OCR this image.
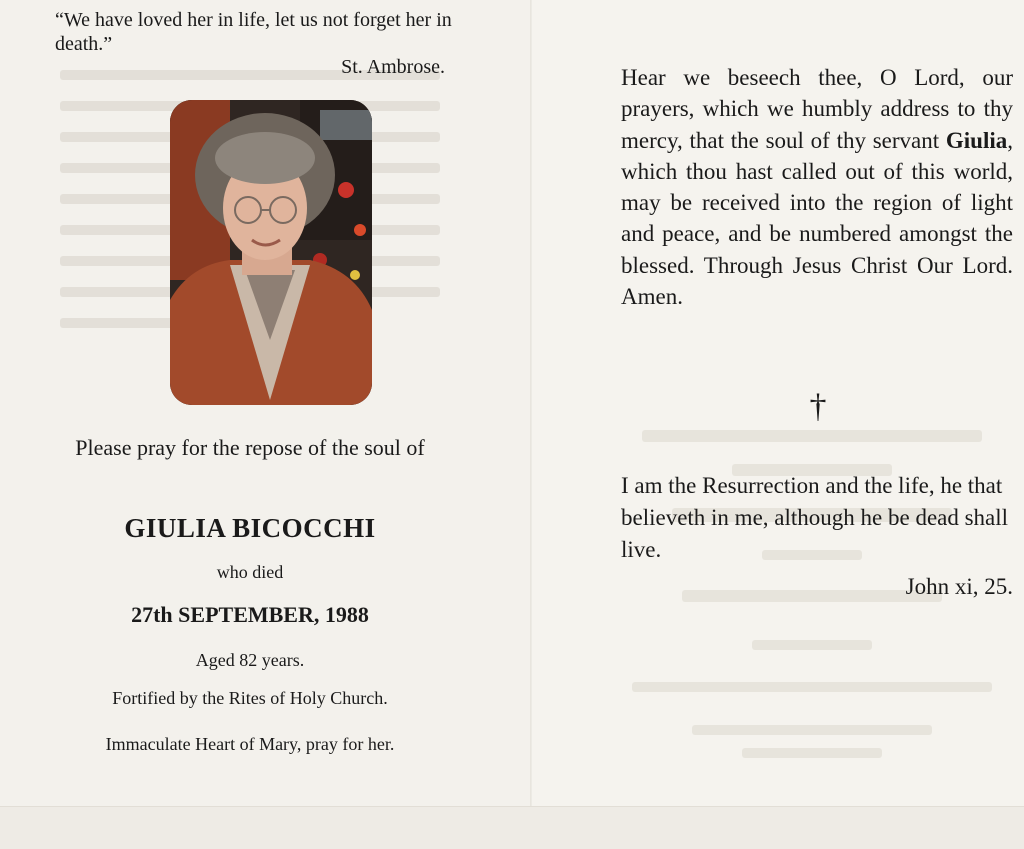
“We have loved her in life, let us not forget her in death.”
St. Ambrose.
Please pray for the repose of the soul of
GIULIA BICOCCHI
who died
27th SEPTEMBER, 1988
Aged 82 years.
Fortified by the Rites of Holy Church.
Immaculate Heart of Mary, pray for her.
Hear we beseech thee, O Lord, our prayers, which we humbly address to thy mercy, that the soul of thy servant Giulia, which thou hast called out of this world, may be received into the region of light and peace, and be numbered amongst the blessed. Through Jesus Christ Our Lord. Amen.
†
I am the Resurrection and the life, he that believeth in me, although he be dead shall live.
John xi, 25.
